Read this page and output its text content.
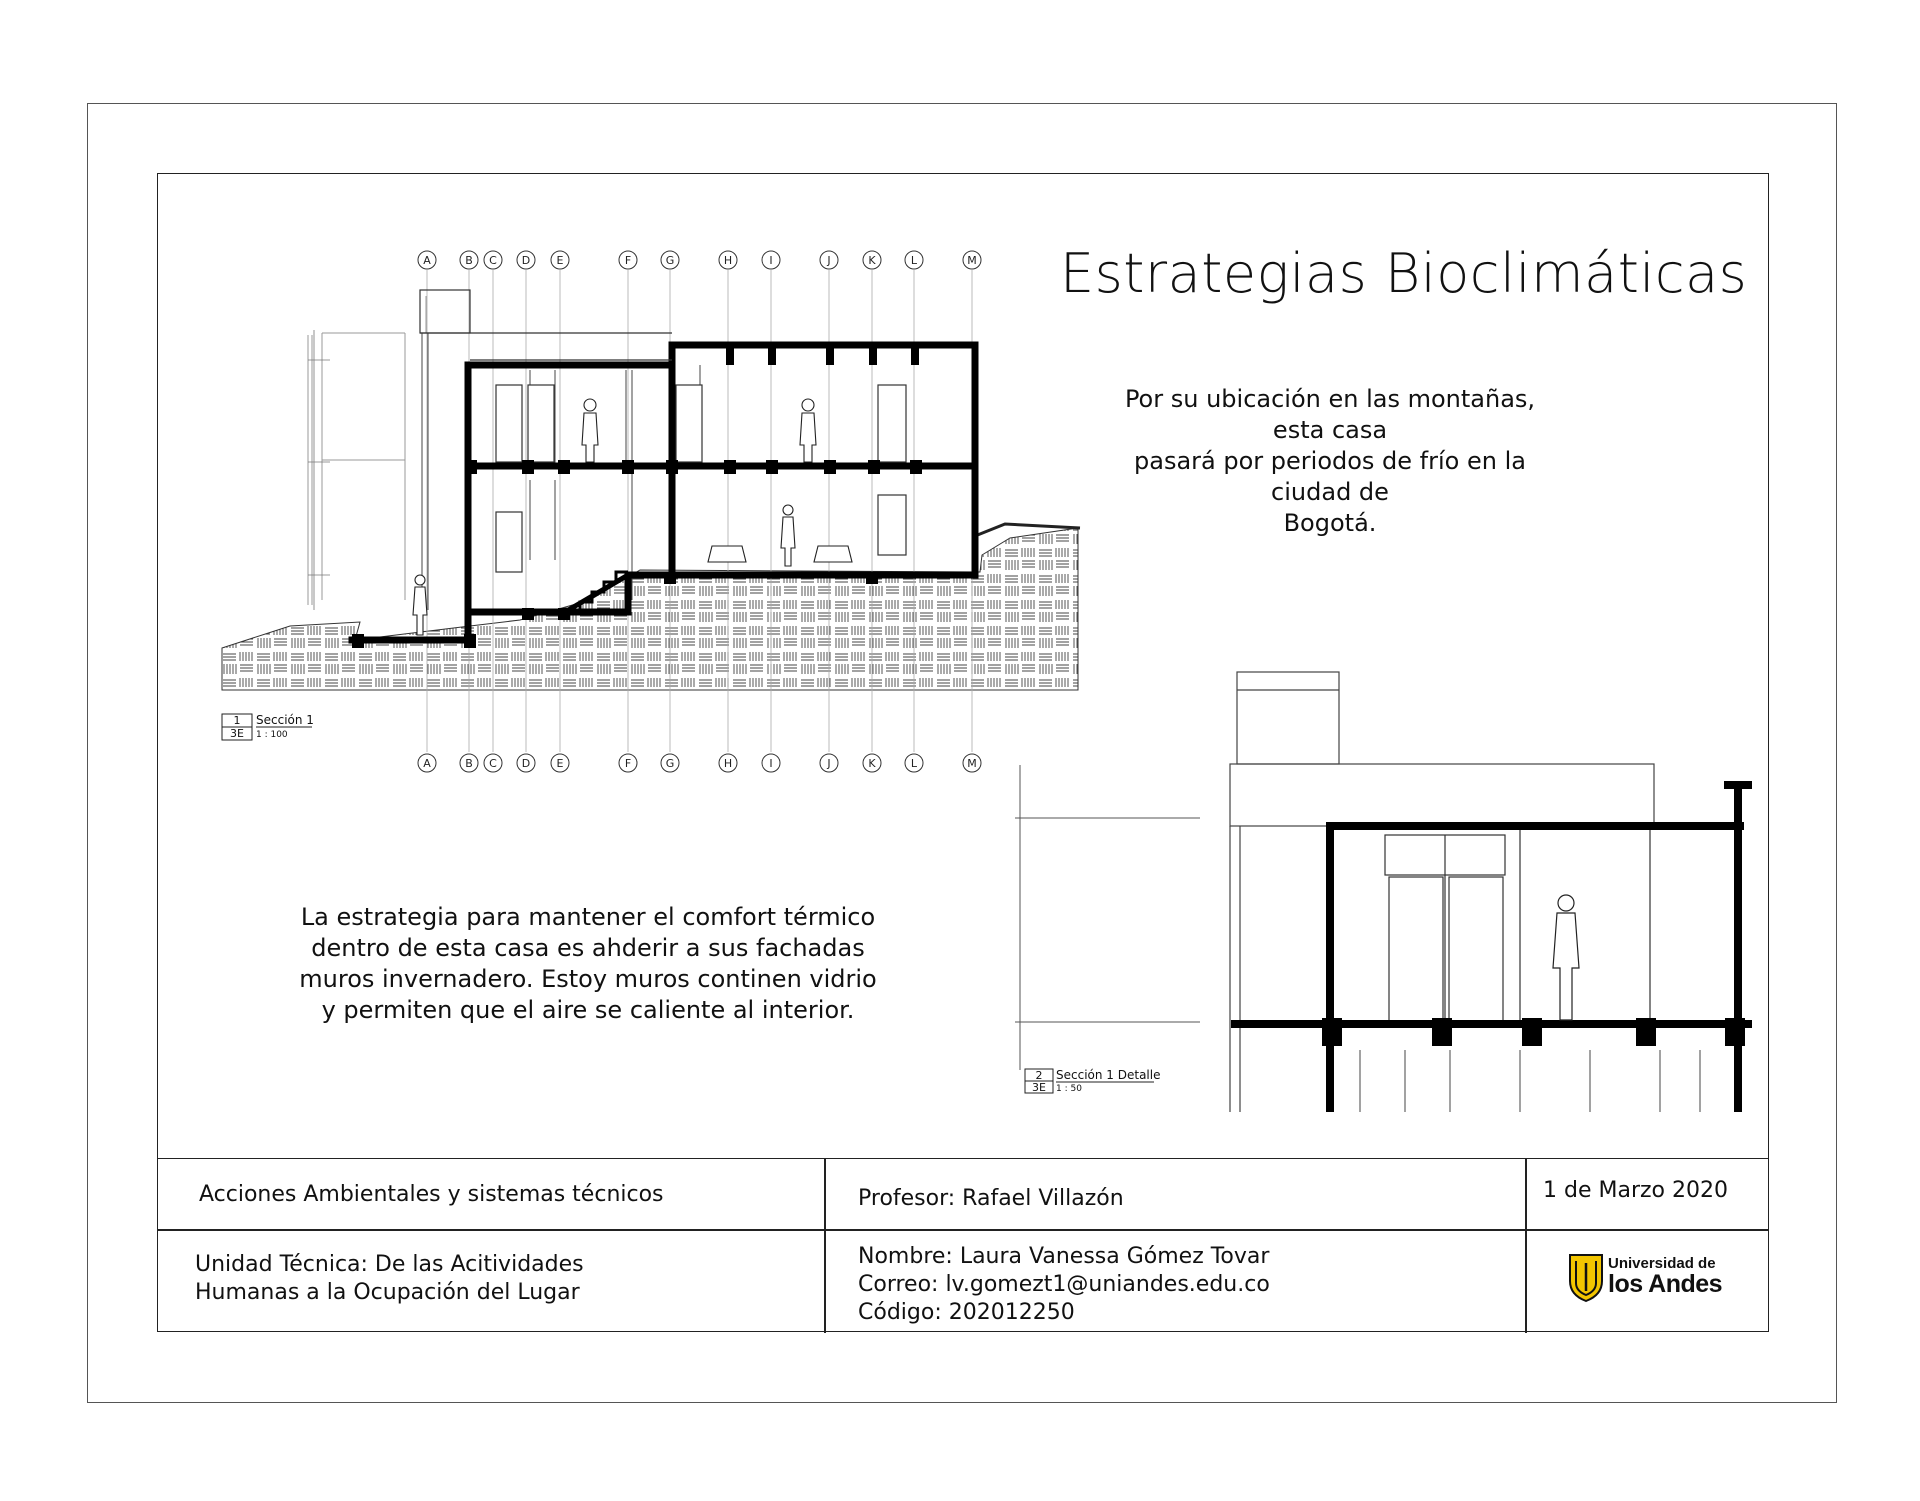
Estrategias Bioclimáticas
Por su ubicación en las montañas, esta casa
pasará por periodos de frío en la ciudad de
Bogotá.
La estrategia para mantener el comfort térmico
dentro de esta casa es ahderir a sus fachadas
muros invernadero. Estoy muros continen vidrio
y permiten que el aire se caliente al interior.
A	B C D E	F	G	H	I	J	K	L	M
A	B C D E	F	G	H	I	J	K	L	M
1
3E
Sección 1
1 : 100
2
3E
Sección 1 Detalle
1 : 50
Acciones Ambientales y sistemas técnicos	Profesor: Rafael Villazón	1 de Marzo 2020
Unidad Técnica: De las Acitividades
Humanas a la Ocupación del Lugar
Nombre: Laura Vanessa Gómez Tovar
Correo: lv.gomezt1@uniandes.edu.co
Código: 202012250
Universidad de
los Andes
